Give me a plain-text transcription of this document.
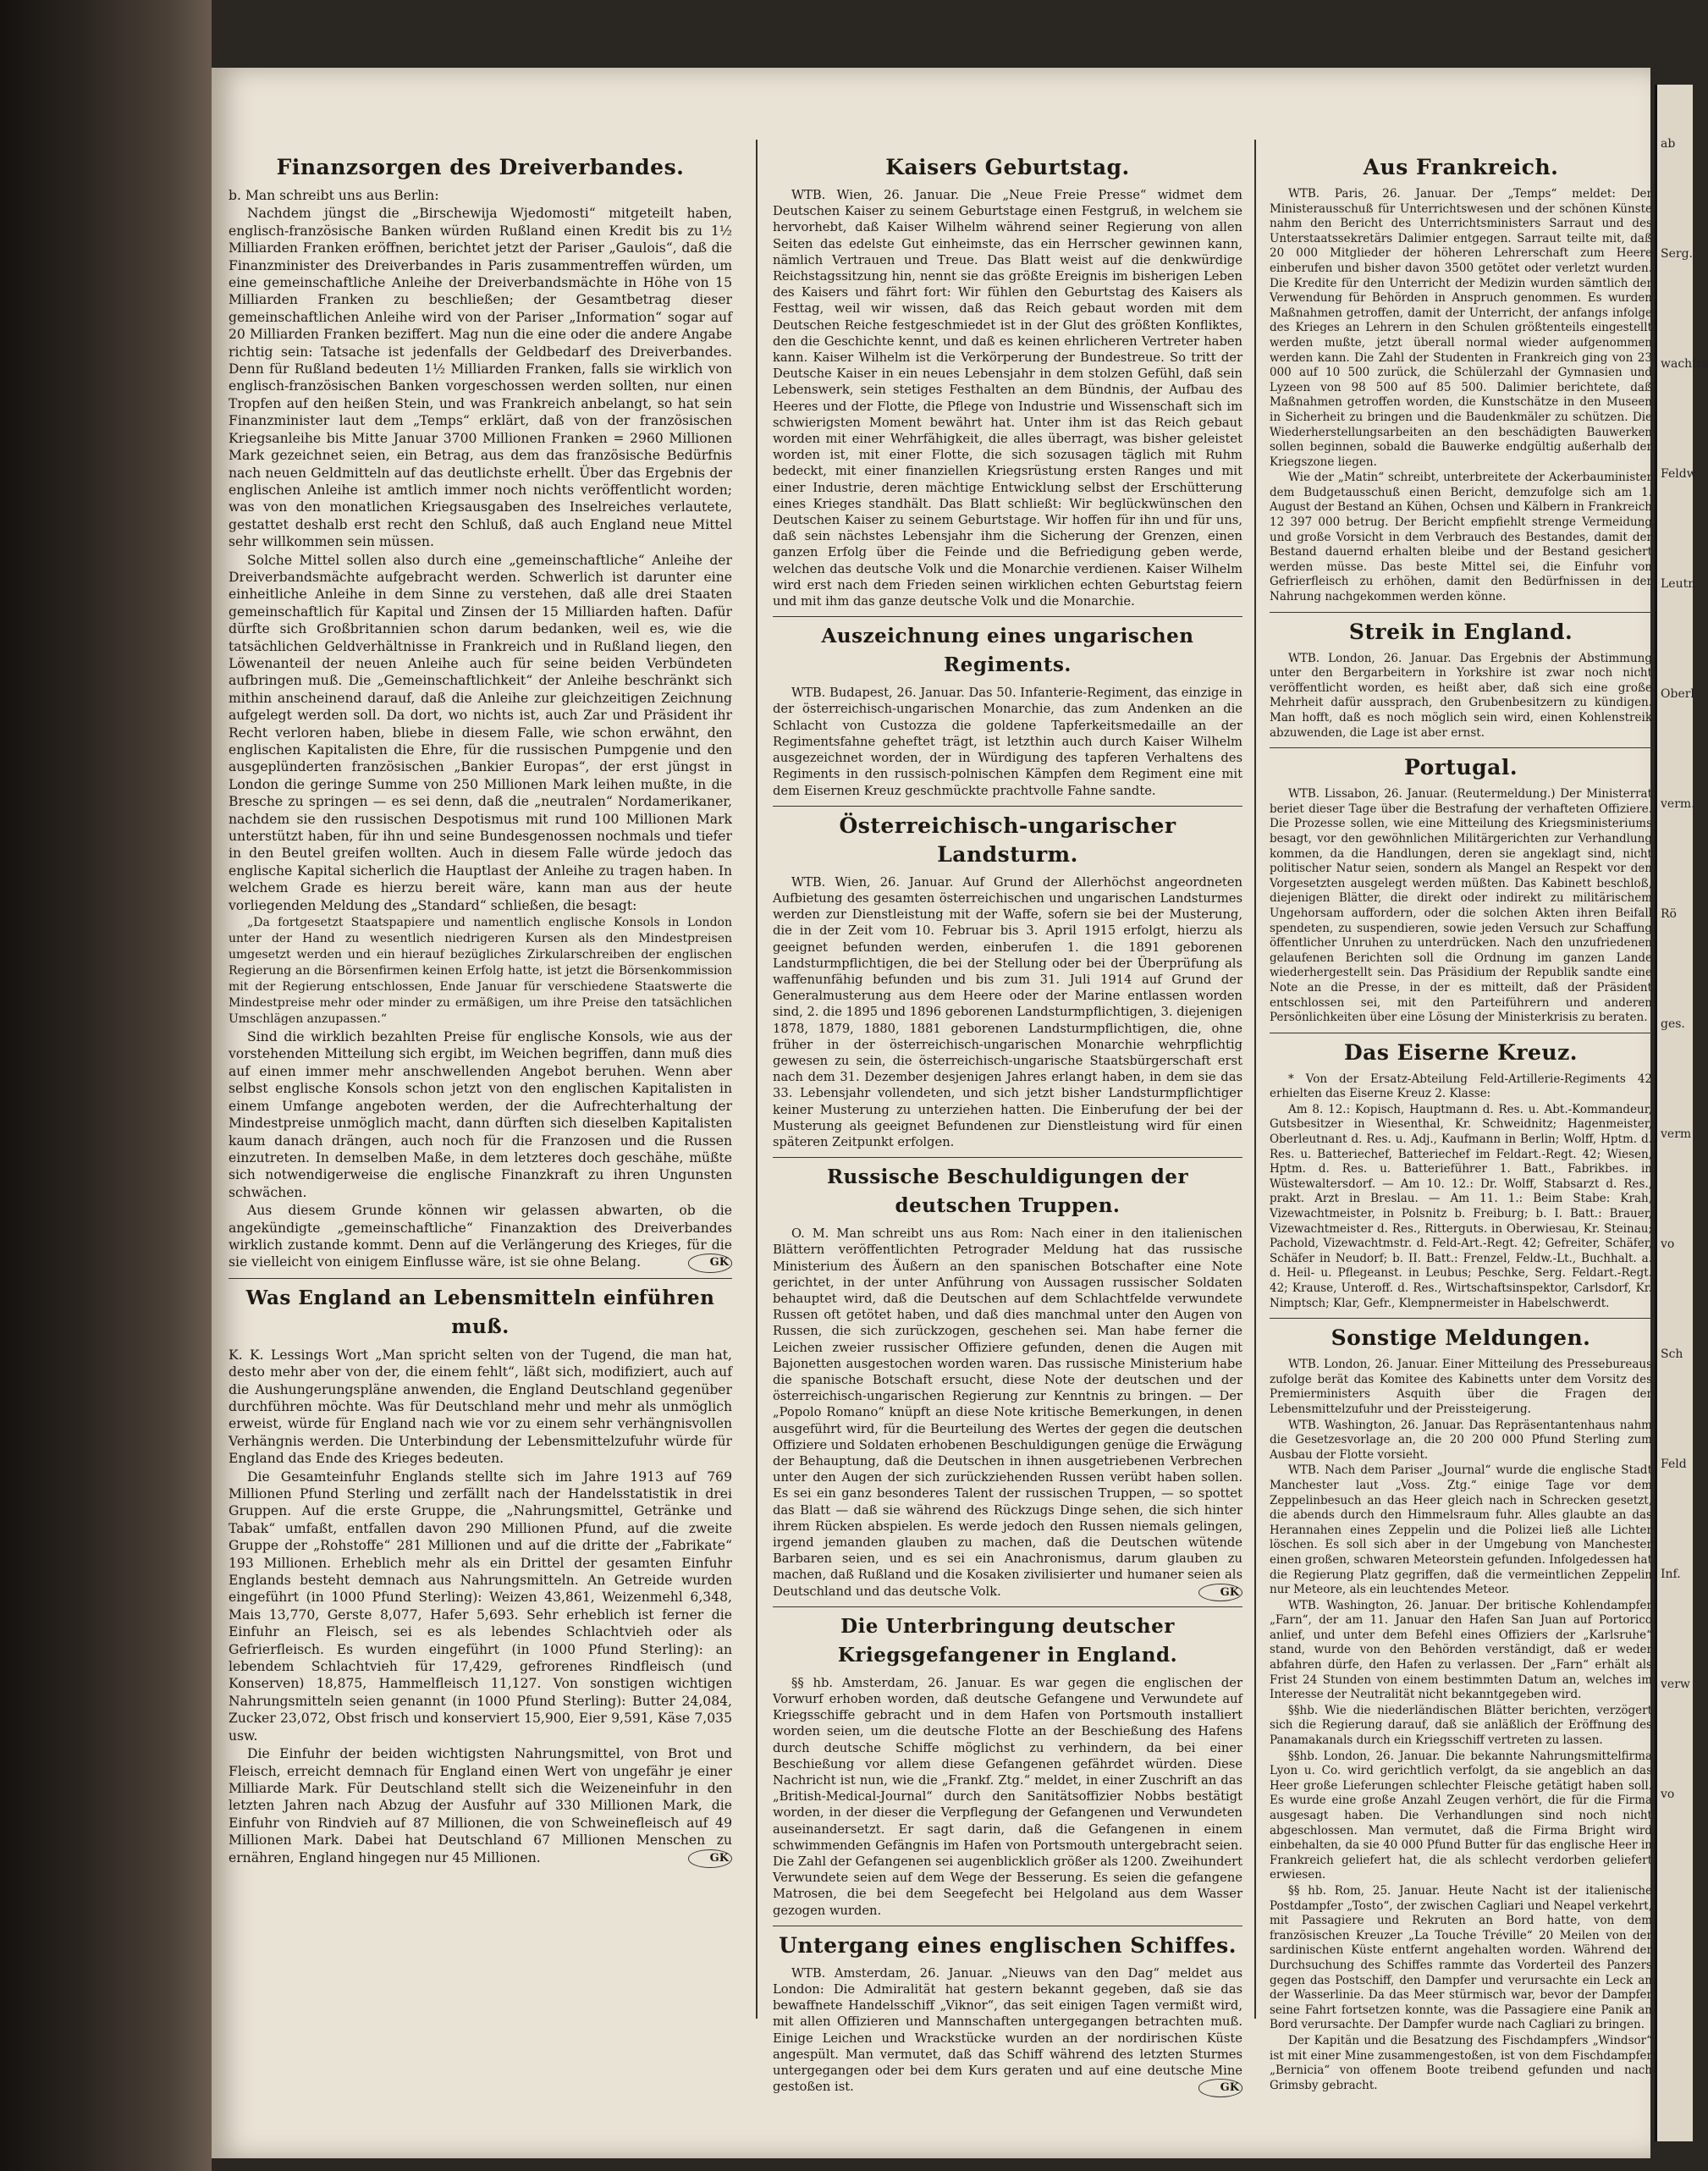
ab
Serg.
wachtm
Feldw
Leutn
Oberl
verm.
Rö
ges.
verm
vo
Sch
Feld
Inf.
verw
vo
Finanzsorgen des Dreiverbandes.

b. Man schreibt uns aus Berlin:

Nachdem jüngst die „Birschewija Wjedomosti“ mitgeteilt haben, englisch-französische Banken würden Rußland einen Kredit bis zu 1½ Milliarden Franken eröffnen, berichtet jetzt der Pariser „Gaulois“, daß die Finanzminister des Dreiverbandes in Paris zusammentreffen würden, um eine gemeinschaftliche Anleihe der Dreiverbandsmächte in Höhe von 15 Milliarden Franken zu beschließen; der Gesamtbetrag dieser gemeinschaftlichen Anleihe wird von der Pariser „Information“ sogar auf 20 Milliarden Franken beziffert. Mag nun die eine oder die andere Angabe richtig sein: Tatsache ist jedenfalls der Geldbedarf des Dreiverbandes. Denn für Rußland bedeuten 1½ Milliarden Franken, falls sie wirklich von englisch-französischen Banken vorgeschossen werden sollten, nur einen Tropfen auf den heißen Stein, und was Frankreich anbelangt, so hat sein Finanzminister laut dem „Temps“ erklärt, daß von der französischen Kriegsanleihe bis Mitte Januar 3700 Millionen Franken = 2960 Millionen Mark gezeichnet seien, ein Betrag, aus dem das französische Bedürfnis nach neuen Geldmitteln auf das deutlichste erhellt. Über das Ergebnis der englischen Anleihe ist amtlich immer noch nichts veröffentlicht worden; was von den monatlichen Kriegsausgaben des Inselreiches verlautete, gestattet deshalb erst recht den Schluß, daß auch England neue Mittel sehr willkommen sein müssen.

Solche Mittel sollen also durch eine „gemeinschaftliche“ Anleihe der Dreiverbandsmächte aufgebracht werden. Schwerlich ist darunter eine einheitliche Anleihe in dem Sinne zu verstehen, daß alle drei Staaten gemeinschaftlich für Kapital und Zinsen der 15 Milliarden haften. Dafür dürfte sich Großbritannien schon darum bedanken, weil es, wie die tatsächlichen Geldverhältnisse in Frankreich und in Rußland liegen, den Löwenanteil der neuen Anleihe auch für seine beiden Verbündeten aufbringen muß. Die „Gemeinschaftlichkeit“ der Anleihe beschränkt sich mithin anscheinend darauf, daß die Anleihe zur gleichzeitigen Zeichnung aufgelegt werden soll. Da dort, wo nichts ist, auch Zar und Präsident ihr Recht verloren haben, bliebe in diesem Falle, wie schon erwähnt, den englischen Kapitalisten die Ehre, für die russischen Pumpgenie und den ausgeplünderten französischen „Bankier Europas“, der erst jüngst in London die geringe Summe von 250 Millionen Mark leihen mußte, in die Bresche zu springen — es sei denn, daß die „neutralen“ Nordamerikaner, nachdem sie den russischen Despotismus mit rund 100 Millionen Mark unterstützt haben, für ihn und seine Bundesgenossen nochmals und tiefer in den Beutel greifen wollten. Auch in diesem Falle würde jedoch das englische Kapital sicherlich die Hauptlast der Anleihe zu tragen haben. In welchem Grade es hierzu bereit wäre, kann man aus der heute vorliegenden Meldung des „Standard“ schließen, die besagt:

„Da fortgesetzt Staatspapiere und namentlich englische Konsols in London unter der Hand zu wesentlich niedrigeren Kursen als den Mindestpreisen umgesetzt werden und ein hierauf bezügliches Zirkularschreiben der englischen Regierung an die Börsenfirmen keinen Erfolg hatte, ist jetzt die Börsenkommission mit der Regierung entschlossen, Ende Januar für verschiedene Staatswerte die Mindestpreise mehr oder minder zu ermäßigen, um ihre Preise den tatsächlichen Umschlägen anzupassen.“

Sind die wirklich bezahlten Preise für englische Konsols, wie aus der vorstehenden Mitteilung sich ergibt, im Weichen begriffen, dann muß dies auf einen immer mehr anschwellenden Angebot beruhen. Wenn aber selbst englische Konsols schon jetzt von den englischen Kapitalisten in einem Umfange angeboten werden, der die Aufrechterhaltung der Mindestpreise unmöglich macht, dann dürften sich dieselben Kapitalisten kaum danach drängen, auch noch für die Franzosen und die Russen einzutreten. In demselben Maße, in dem letzteres doch geschähe, müßte sich notwendigerweise die englische Finanzkraft zu ihren Ungunsten schwächen.

Aus diesem Grunde können wir gelassen abwarten, ob die angekündigte „gemeinschaftliche“ Finanzaktion des Dreiverbandes wirklich zustande kommt. Denn auf die Verlängerung des Krieges, für die sie vielleicht von einigem Einflusse wäre, ist sie ohne Belang.	GK

Was England an Lebensmitteln einführen muß.

K. K. Lessings Wort „Man spricht selten von der Tugend, die man hat, desto mehr aber von der, die einem fehlt“, läßt sich, modifiziert, auch auf die Aushungerungspläne anwenden, die England Deutschland gegenüber durchführen möchte. Was für Deutschland mehr und mehr als unmöglich erweist, würde für England nach wie vor zu einem sehr verhängnisvollen Verhängnis werden. Die Unterbindung der Lebensmittelzufuhr würde für England das Ende des Krieges bedeuten.

Die Gesamteinfuhr Englands stellte sich im Jahre 1913 auf 769 Millionen Pfund Sterling und zerfällt nach der Handelsstatistik in drei Gruppen. Auf die erste Gruppe, die „Nahrungsmittel, Getränke und Tabak“ umfaßt, entfallen davon 290 Millionen Pfund, auf die zweite Gruppe der „Rohstoffe“ 281 Millionen und auf die dritte der „Fabrikate“ 193 Millionen. Erheblich mehr als ein Drittel der gesamten Einfuhr Englands besteht demnach aus Nahrungsmitteln. An Getreide wurden eingeführt (in 1000 Pfund Sterling): Weizen 43,861, Weizenmehl 6,348, Mais 13,770, Gerste 8,077, Hafer 5,693. Sehr erheblich ist ferner die Einfuhr an Fleisch, sei es als lebendes Schlachtvieh oder als Gefrierfleisch. Es wurden eingeführt (in 1000 Pfund Sterling): an lebendem Schlachtvieh für 17,429, gefrorenes Rindfleisch (und Konserven) 18,875, Hammelfleisch 11,127. Von sonstigen wichtigen Nahrungsmitteln seien genannt (in 1000 Pfund Sterling): Butter 24,084, Zucker 23,072, Obst frisch und konserviert 15,900, Eier 9,591, Käse 7,035 usw.

Die Einfuhr der beiden wichtigsten Nahrungsmittel, von Brot und Fleisch, erreicht demnach für England einen Wert von ungefähr je einer Milliarde Mark. Für Deutschland stellt sich die Weizeneinfuhr in den letzten Jahren nach Abzug der Ausfuhr auf 330 Millionen Mark, die Einfuhr von Rindvieh auf 87 Millionen, die von Schweinefleisch auf 49 Millionen Mark. Dabei hat Deutschland 67 Millionen Menschen zu ernähren, England hingegen nur 45 Millionen.	GK

Kaisers Geburtstag.

WTB. Wien, 26. Januar. Die „Neue Freie Presse“ widmet dem Deutschen Kaiser zu seinem Geburtstage einen Festgruß, in welchem sie hervorhebt, daß Kaiser Wilhelm während seiner Regierung von allen Seiten das edelste Gut einheimste, das ein Herrscher gewinnen kann, nämlich Vertrauen und Treue. Das Blatt weist auf die denkwürdige Reichstagssitzung hin, nennt sie das größte Ereignis im bisherigen Leben des Kaisers und fährt fort: Wir fühlen den Geburtstag des Kaisers als Festtag, weil wir wissen, daß das Reich gebaut worden mit dem Deutschen Reiche festgeschmiedet ist in der Glut des größten Konfliktes, den die Geschichte kennt, und daß es keinen ehrlicheren Vertreter haben kann. Kaiser Wilhelm ist die Verkörperung der Bundestreue. So tritt der Deutsche Kaiser in ein neues Lebensjahr in dem stolzen Gefühl, daß sein Lebenswerk, sein stetiges Festhalten an dem Bündnis, der Aufbau des Heeres und der Flotte, die Pflege von Industrie und Wissenschaft sich im schwierigsten Moment bewährt hat. Unter ihm ist das Reich gebaut worden mit einer Wehrfähigkeit, die alles überragt, was bisher geleistet worden ist, mit einer Flotte, die sich sozusagen täglich mit Ruhm bedeckt, mit einer finanziellen Kriegsrüstung ersten Ranges und mit einer Industrie, deren mächtige Entwicklung selbst der Erschütterung eines Krieges standhält. Das Blatt schließt: Wir beglückwünschen den Deutschen Kaiser zu seinem Geburtstage. Wir hoffen für ihn und für uns, daß sein nächstes Lebensjahr ihm die Sicherung der Grenzen, einen ganzen Erfolg über die Feinde und die Befriedigung geben werde, welchen das deutsche Volk und die Monarchie verdienen. Kaiser Wilhelm wird erst nach dem Frieden seinen wirklichen echten Geburtstag feiern und mit ihm das ganze deutsche Volk und die Monarchie.

Auszeichnung eines ungarischen Regiments.

WTB. Budapest, 26. Januar. Das 50. Infanterie-Regiment, das einzige in der österreichisch-ungarischen Monarchie, das zum Andenken an die Schlacht von Custozza die goldene Tapferkeitsmedaille an der Regimentsfahne geheftet trägt, ist letzthin auch durch Kaiser Wilhelm ausgezeichnet worden, der in Würdigung des tapferen Verhaltens des Regiments in den russisch-polnischen Kämpfen dem Regiment eine mit dem Eisernen Kreuz geschmückte prachtvolle Fahne sandte.

Österreichisch-ungarischer Landsturm.

WTB. Wien, 26. Januar. Auf Grund der Allerhöchst angeordneten Aufbietung des gesamten österreichischen und ungarischen Landsturmes werden zur Dienstleistung mit der Waffe, sofern sie bei der Musterung, die in der Zeit vom 10. Februar bis 3. April 1915 erfolgt, hierzu als geeignet befunden werden, einberufen 1. die 1891 geborenen Landsturmpflichtigen, die bei der Stellung oder bei der Überprüfung als waffenunfähig befunden und bis zum 31. Juli 1914 auf Grund der Generalmusterung aus dem Heere oder der Marine entlassen worden sind, 2. die 1895 und 1896 geborenen Landsturmpflichtigen, 3. diejenigen 1878, 1879, 1880, 1881 geborenen Landsturmpflichtigen, die, ohne früher in der österreichisch-ungarischen Monarchie wehrpflichtig gewesen zu sein, die österreichisch-ungarische Staatsbürgerschaft erst nach dem 31. Dezember desjenigen Jahres erlangt haben, in dem sie das 33. Lebensjahr vollendeten, und sich jetzt bisher Landsturmpflichtiger keiner Musterung zu unterziehen hatten. Die Einberufung der bei der Musterung als geeignet Befundenen zur Dienstleistung wird für einen späteren Zeitpunkt erfolgen.

Russische Beschuldigungen der deutschen Truppen.

O. M. Man schreibt uns aus Rom: Nach einer in den italienischen Blättern veröffentlichten Petrograder Meldung hat das russische Ministerium des Äußern an den spanischen Botschafter eine Note gerichtet, in der unter Anführung von Aussagen russischer Soldaten behauptet wird, daß die Deutschen auf dem Schlachtfelde verwundete Russen oft getötet haben, und daß dies manchmal unter den Augen von Russen, die sich zurückzogen, geschehen sei. Man habe ferner die Leichen zweier russischer Offiziere gefunden, denen die Augen mit Bajonetten ausgestochen worden waren. Das russische Ministerium habe die spanische Botschaft ersucht, diese Note der deutschen und der österreichisch-ungarischen Regierung zur Kenntnis zu bringen. — Der „Popolo Romano“ knüpft an diese Note kritische Bemerkungen, in denen ausgeführt wird, für die Beurteilung des Wertes der gegen die deutschen Offiziere und Soldaten erhobenen Beschuldigungen genüge die Erwägung der Behauptung, daß die Deutschen in ihnen ausgetriebenen Verbrechen unter den Augen der sich zurückziehenden Russen verübt haben sollen. Es sei ein ganz besonderes Talent der russischen Truppen, — so spottet das Blatt — daß sie während des Rückzugs Dinge sehen, die sich hinter ihrem Rücken abspielen. Es werde jedoch den Russen niemals gelingen, irgend jemanden glauben zu machen, daß die Deutschen wütende Barbaren seien, und es sei ein Anachronismus, darum glauben zu machen, daß Rußland und die Kosaken zivilisierter und humaner seien als Deutschland und das deutsche Volk.	GK

Die Unterbringung deutscher Kriegsgefangener in England.

§§ hb. Amsterdam, 26. Januar. Es war gegen die englischen der Vorwurf erhoben worden, daß deutsche Gefangene und Verwundete auf Kriegsschiffe gebracht und in dem Hafen von Portsmouth installiert worden seien, um die deutsche Flotte an der Beschießung des Hafens durch deutsche Schiffe möglichst zu verhindern, da bei einer Beschießung vor allem diese Gefangenen gefährdet würden. Diese Nachricht ist nun, wie die „Frankf. Ztg.“ meldet, in einer Zuschrift an das „British-Medical-Journal“ durch den Sanitätsoffizier Nobbs bestätigt worden, in der dieser die Verpflegung der Gefangenen und Verwundeten auseinandersetzt. Er sagt darin, daß die Gefangenen in einem schwimmenden Gefängnis im Hafen von Portsmouth untergebracht seien. Die Zahl der Gefangenen sei augenblicklich größer als 1200. Zweihundert Verwundete seien auf dem Wege der Besserung. Es seien die gefangene Matrosen, die bei dem Seegefecht bei Helgoland aus dem Wasser gezogen wurden.

Untergang eines englischen Schiffes.

WTB. Amsterdam, 26. Januar. „Nieuws van den Dag“ meldet aus London: Die Admiralität hat gestern bekannt gegeben, daß sie das bewaffnete Handelsschiff „Viknor“, das seit einigen Tagen vermißt wird, mit allen Offizieren und Mannschaften untergegangen betrachten muß. Einige Leichen und Wrackstücke wurden an der nordirischen Küste angespült. Man vermutet, daß das Schiff während des letzten Sturmes untergegangen oder bei dem Kurs geraten und auf eine deutsche Mine gestoßen ist.	GK

Aus Frankreich.

WTB. Paris, 26. Januar. Der „Temps“ meldet: Der Ministerausschuß für Unterrichtswesen und der schönen Künste nahm den Bericht des Unterrichtsministers Sarraut und des Unterstaatssekretärs Dalimier entgegen. Sarraut teilte mit, daß 20 000 Mitglieder der höheren Lehrerschaft zum Heere einberufen und bisher davon 3500 getötet oder verletzt wurden. Die Kredite für den Unterricht der Medizin wurden sämtlich der Verwendung für Behörden in Anspruch genommen. Es wurden Maßnahmen getroffen, damit der Unterricht, der anfangs infolge des Krieges an Lehrern in den Schulen größtenteils eingestellt werden mußte, jetzt überall normal wieder aufgenommen werden kann. Die Zahl der Studenten in Frankreich ging von 23 000 auf 10 500 zurück, die Schülerzahl der Gymnasien und Lyzeen von 98 500 auf 85 500. Dalimier berichtete, daß Maßnahmen getroffen worden, die Kunstschätze in den Museen in Sicherheit zu bringen und die Baudenkmäler zu schützen. Die Wiederherstellungsarbeiten an den beschädigten Bauwerken sollen beginnen, sobald die Bauwerke endgültig außerhalb der Kriegszone liegen.

Wie der „Matin“ schreibt, unterbreitete der Ackerbauminister dem Budgetausschuß einen Bericht, demzufolge sich am 1. August der Bestand an Kühen, Ochsen und Kälbern in Frankreich 12 397 000 betrug. Der Bericht empfiehlt strenge Vermeidung und große Vorsicht in dem Verbrauch des Bestandes, damit der Bestand dauernd erhalten bleibe und der Bestand gesichert werden müsse. Das beste Mittel sei, die Einfuhr von Gefrierfleisch zu erhöhen, damit den Bedürfnissen in der Nahrung nachgekommen werden könne.

Streik in England.

WTB. London, 26. Januar. Das Ergebnis der Abstimmung unter den Bergarbeitern in Yorkshire ist zwar noch nicht veröffentlicht worden, es heißt aber, daß sich eine große Mehrheit dafür aussprach, den Grubenbesitzern zu kündigen. Man hofft, daß es noch möglich sein wird, einen Kohlenstreik abzuwenden, die Lage ist aber ernst.

Portugal.

WTB. Lissabon, 26. Januar. (Reutermeldung.) Der Ministerrat beriet dieser Tage über die Bestrafung der verhafteten Offiziere. Die Prozesse sollen, wie eine Mitteilung des Kriegsministeriums besagt, vor den gewöhnlichen Militärgerichten zur Verhandlung kommen, da die Handlungen, deren sie angeklagt sind, nicht politischer Natur seien, sondern als Mangel an Respekt vor den Vorgesetzten ausgelegt werden müßten. Das Kabinett beschloß, diejenigen Blätter, die direkt oder indirekt zu militärischem Ungehorsam auffordern, oder die solchen Akten ihren Beifall spendeten, zu suspendieren, sowie jeden Versuch zur Schaffung öffentlicher Unruhen zu unterdrücken. Nach den unzufriedenen gelaufenen Berichten soll die Ordnung im ganzen Lande wiederhergestellt sein. Das Präsidium der Republik sandte eine Note an die Presse, in der es mitteilt, daß der Präsident entschlossen sei, mit den Parteiführern und anderen Persönlichkeiten über eine Lösung der Ministerkrisis zu beraten.

Das Eiserne Kreuz.

* Von der Ersatz-Abteilung Feld-Artillerie-Regiments 42 erhielten das Eiserne Kreuz 2. Klasse:

Am 8. 12.: Kopisch, Hauptmann d. Res. u. Abt.-Kommandeur, Gutsbesitzer in Wiesenthal, Kr. Schweidnitz; Hagenmeister, Oberleutnant d. Res. u. Adj., Kaufmann in Berlin; Wolff, Hptm. d. Res. u. Batteriechef, Batteriechef im Feldart.-Regt. 42; Wiesen, Hptm. d. Res. u. Batterieführer 1. Batt., Fabrikbes. in Wüstewaltersdorf. — Am 10. 12.: Dr. Wolff, Stabsarzt d. Res., prakt. Arzt in Breslau. — Am 11. 1.: Beim Stabe: Krah, Vizewachtmeister, in Polsnitz b. Freiburg; b. I. Batt.: Brauer, Vizewachtmeister d. Res., Ritterguts. in Oberwiesau, Kr. Steinau; Pachold, Vizewachtmstr. d. Feld-Art.-Regt. 42; Gefreiter, Schäfer, Schäfer in Neudorf; b. II. Batt.: Frenzel, Feldw.-Lt., Buchhalt. a. d. Heil- u. Pflegeanst. in Leubus; Peschke, Serg. Feldart.-Regt. 42; Krause, Unteroff. d. Res., Wirtschaftsinspektor, Carlsdorf, Kr. Nimptsch; Klar, Gefr., Klempnermeister in Habelschwerdt.

Sonstige Meldungen.

WTB. London, 26. Januar. Einer Mitteilung des Pressebureaus zufolge berät das Komitee des Kabinetts unter dem Vorsitz des Premierministers Asquith über die Fragen der Lebensmittelzufuhr und der Preissteigerung.

WTB. Washington, 26. Januar. Das Repräsentantenhaus nahm die Gesetzesvorlage an, die 20 200 000 Pfund Sterling zum Ausbau der Flotte vorsieht.

WTB. Nach dem Pariser „Journal“ wurde die englische Stadt Manchester laut „Voss. Ztg.“ einige Tage vor dem Zeppelinbesuch an das Heer gleich nach in Schrecken gesetzt, die abends durch den Himmelsraum fuhr. Alles glaubte an das Herannahen eines Zeppelin und die Polizei ließ alle Lichter löschen. Es soll sich aber in der Umgebung von Manchester einen großen, schwaren Meteorstein gefunden. Infolgedessen hat die Regierung Platz gegriffen, daß die vermeintlichen Zeppelin nur Meteore, als ein leuchtendes Meteor.

WTB. Washington, 26. Januar. Der britische Kohlendampfer „Farn“, der am 11. Januar den Hafen San Juan auf Portorico anlief, und unter dem Befehl eines Offiziers der „Karlsruhe“ stand, wurde von den Behörden verständigt, daß er weder abfahren dürfe, den Hafen zu verlassen. Der „Farn“ erhält als Frist 24 Stunden von einem bestimmten Datum an, welches im Interesse der Neutralität nicht bekanntgegeben wird.

§§hb. Wie die niederländischen Blätter berichten, verzögert sich die Regierung darauf, daß sie anläßlich der Eröffnung des Panamakanals durch ein Kriegsschiff vertreten zu lassen.

§§hb. London, 26. Januar. Die bekannte Nahrungsmittelfirma Lyon u. Co. wird gerichtlich verfolgt, da sie angeblich an das Heer große Lieferungen schlechter Fleische getätigt haben soll. Es wurde eine große Anzahl Zeugen verhört, die für die Firma ausgesagt haben. Die Verhandlungen sind noch nicht abgeschlossen. Man vermutet, daß die Firma Bright wird einbehalten, da sie 40 000 Pfund Butter für das englische Heer in Frankreich geliefert hat, die als schlecht verdorben geliefert erwiesen.

§§ hb. Rom, 25. Januar. Heute Nacht ist der italienische Postdampfer „Tosto“, der zwischen Cagliari und Neapel verkehrt, mit Passagiere und Rekruten an Bord hatte, von dem französischen Kreuzer „La Touche Tréville“ 20 Meilen von der sardinischen Küste entfernt angehalten worden. Während der Durchsuchung des Schiffes rammte das Vorderteil des Panzers gegen das Postschiff, den Dampfer und verursachte ein Leck an der Wasserlinie. Da das Meer stürmisch war, bevor der Dampfer seine Fahrt fortsetzen konnte, was die Passagiere eine Panik an Bord verursachte. Der Dampfer wurde nach Cagliari zu bringen.

Der Kapitän und die Besatzung des Fischdampfers „Windsor“ ist mit einer Mine zusammengestoßen, ist von dem Fischdampfer „Bernicia“ von offenem Boote treibend gefunden und nach Grimsby gebracht.
